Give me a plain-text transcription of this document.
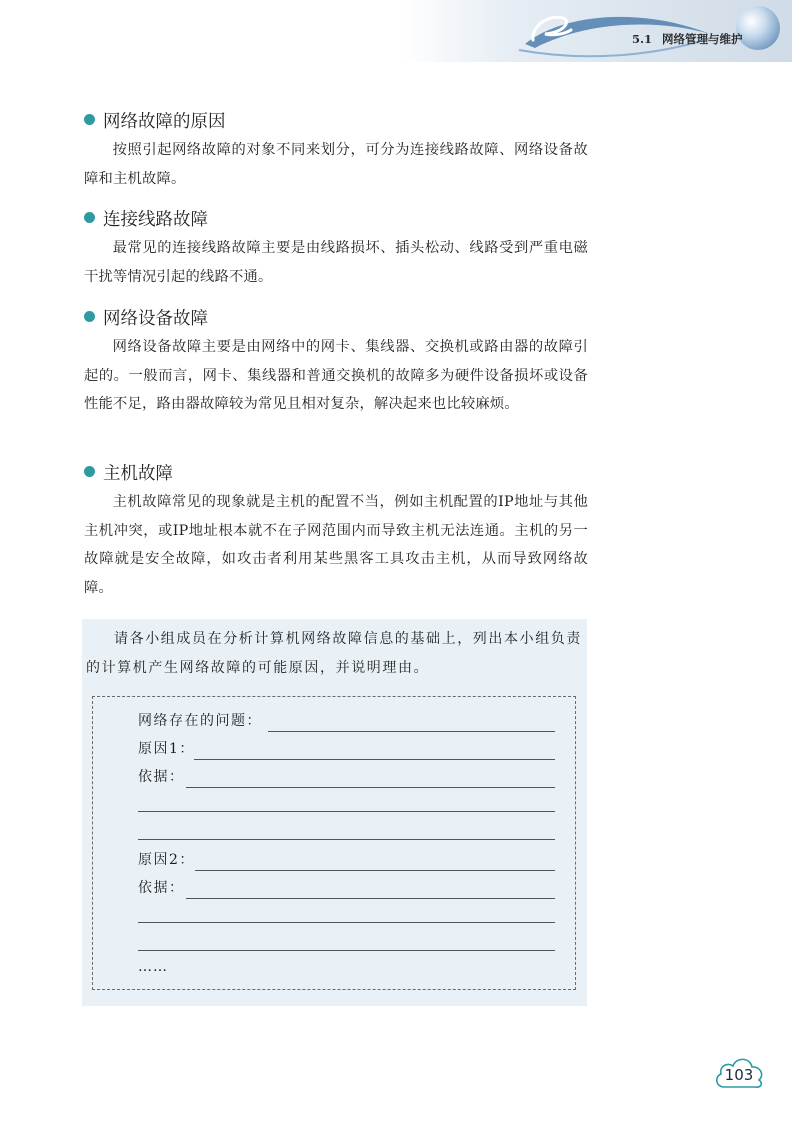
5.1 网络管理与维护
网络故障的原因
按照引起网络故障的对象不同来划分，可分为连接线路故障、网络设备故障和主机故障。
连接线路故障
最常见的连接线路故障主要是由线路损坏、插头松动、线路受到严重电磁干扰等情况引起的线路不通。
网络设备故障
网络设备故障主要是由网络中的网卡、集线器、交换机或路由器的故障引起的。一般而言，网卡、集线器和普通交换机的故障多为硬件设备损坏或设备性能不足，路由器故障较为常见且相对复杂，解决起来也比较麻烦。
主机故障
主机故障常见的现象就是主机的配置不当，例如主机配置的IP地址与其他主机冲突，或IP地址根本就不在子网范围内而导致主机无法连通。主机的另一故障就是安全故障，如攻击者利用某些黑客工具攻击主机，从而导致网络故障。
请各小组成员在分析计算机网络故障信息的基础上，列出本小组负责的计算机产生网络故障的可能原因，并说明理由。
网络存在的问题：
原因1：
依据：
原因2：
依据：
……
103
